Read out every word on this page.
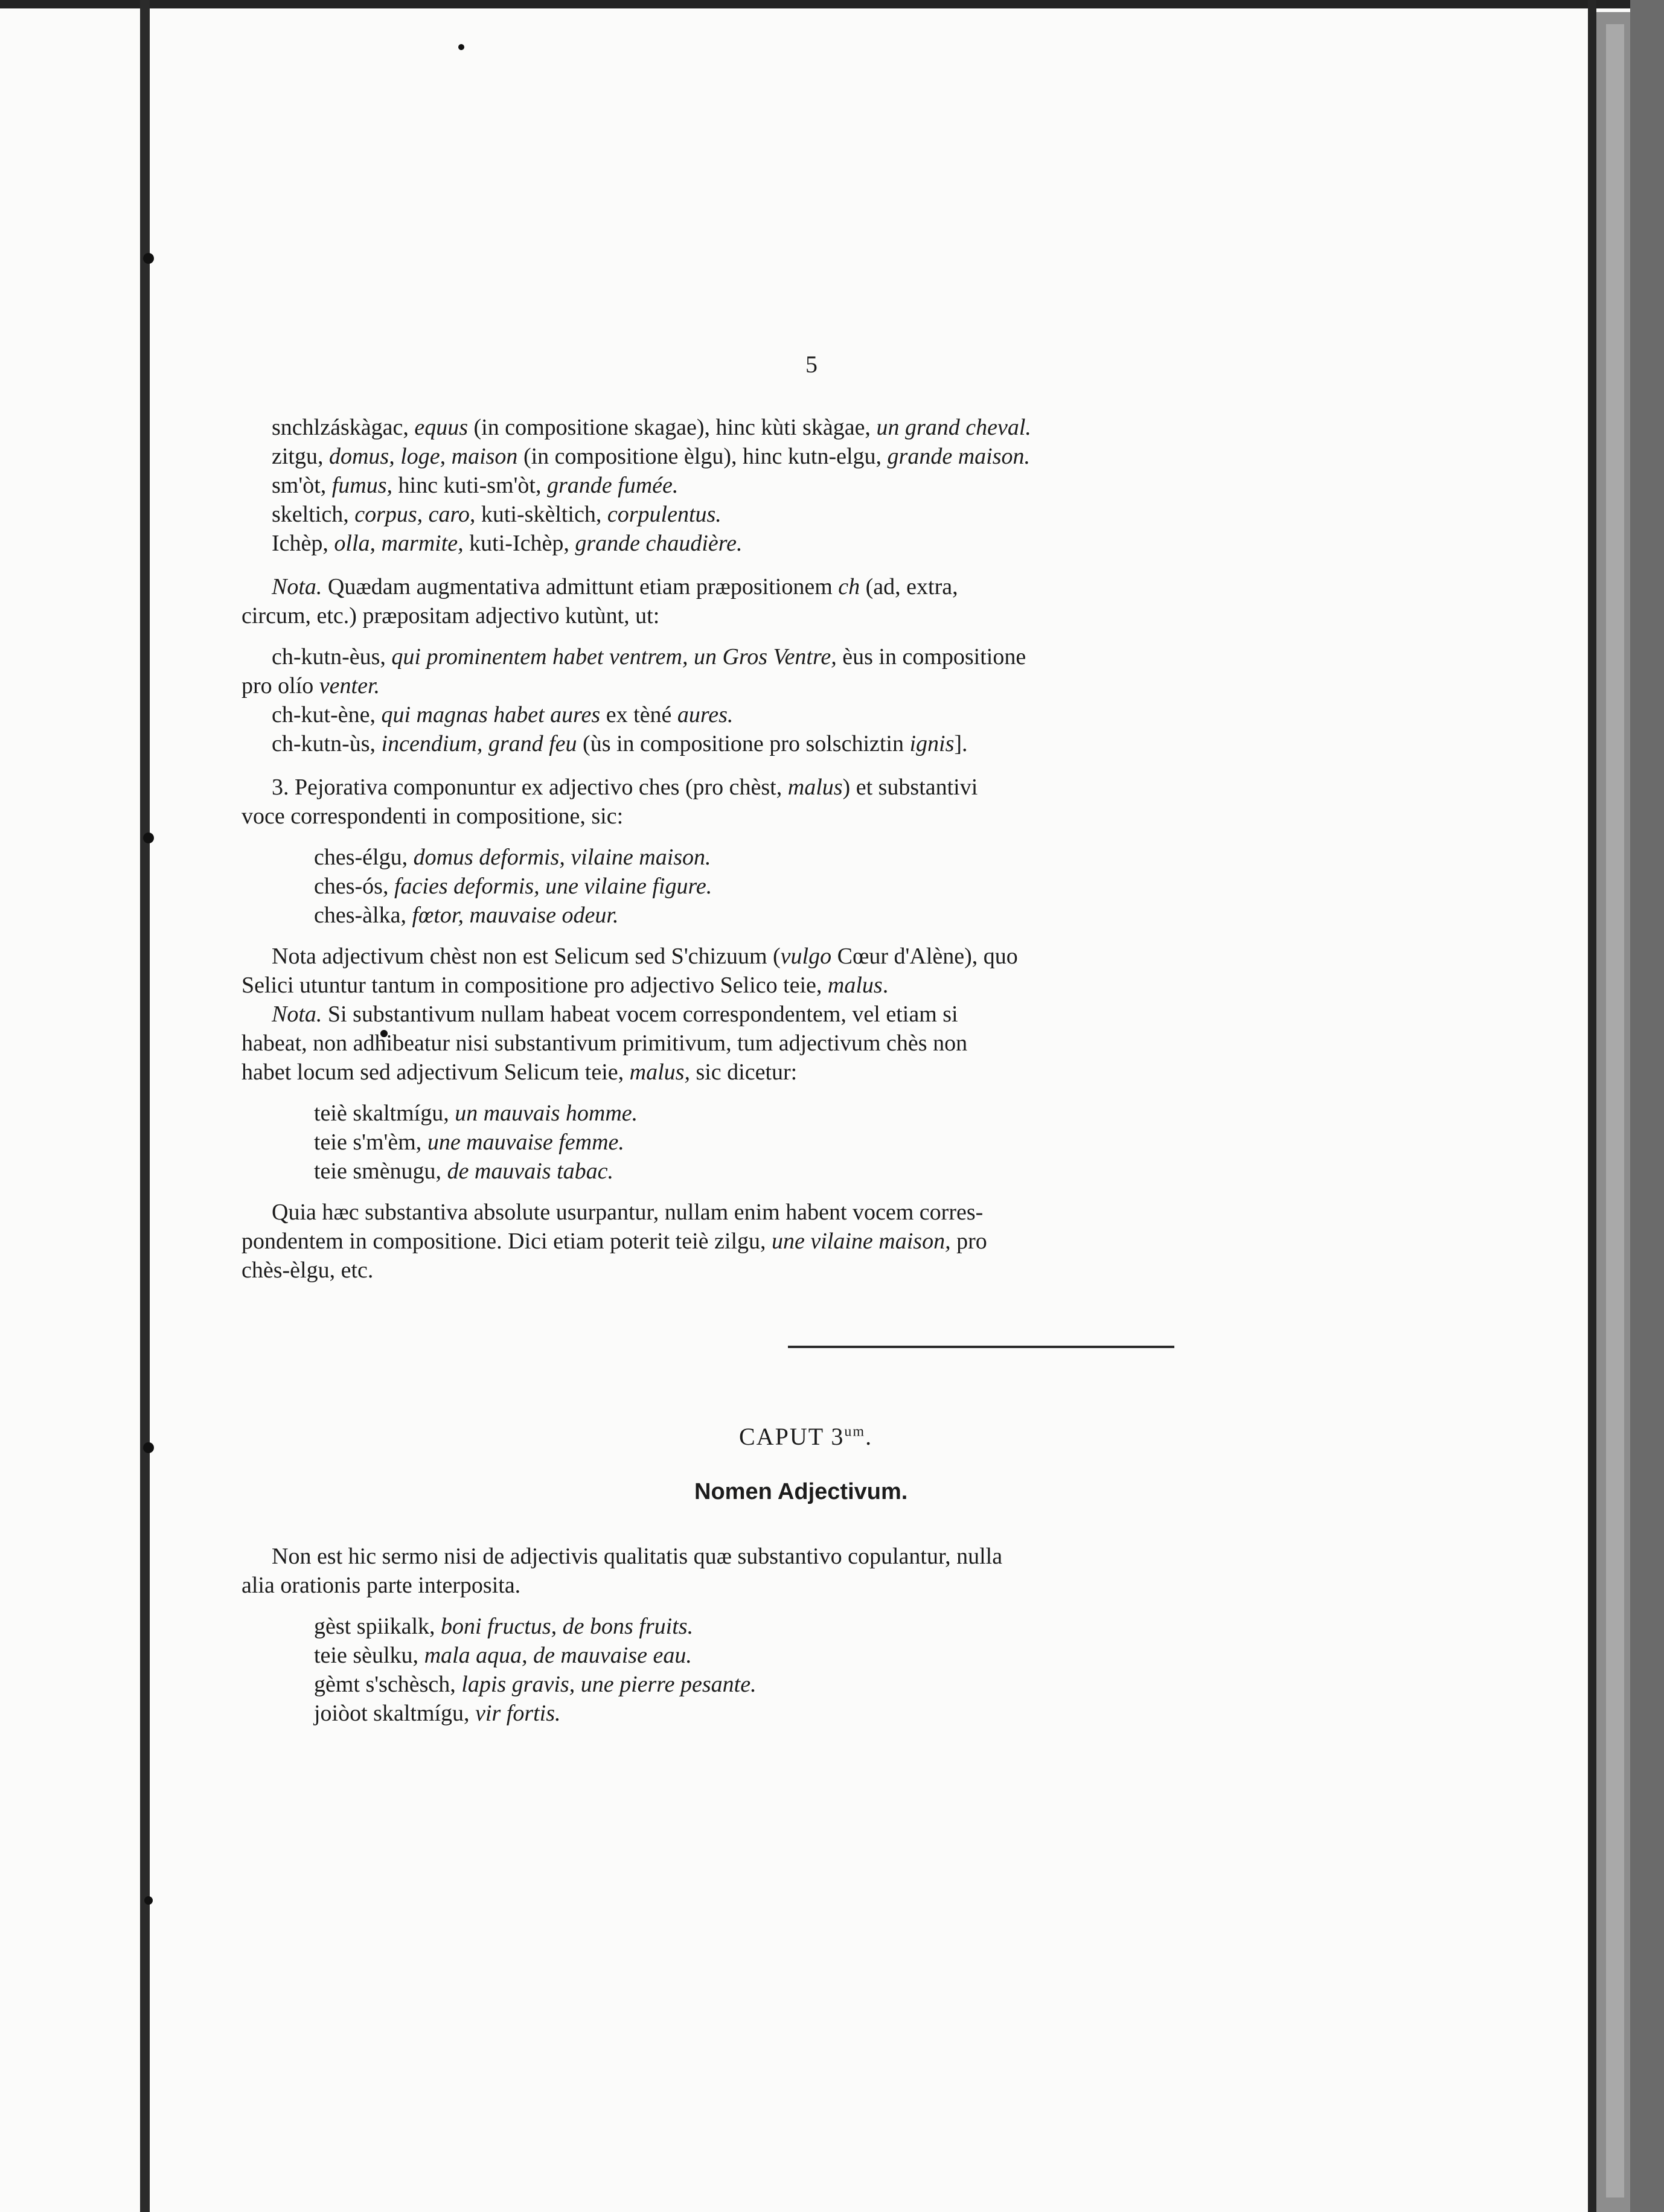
5
snchlzáskàgac, equus (in compositione skagae), hinc kùti skàgae, un grand cheval.
zitgu, domus, loge, maison (in compositione èlgu), hinc kutn-elgu, grande maison.
sm'òt, fumus, hinc kuti-sm'òt, grande fumée.
skeltich, corpus, caro, kuti-skèltich, corpulentus.
Ichèp, olla, marmite, kuti-Ichèp, grande chaudière.
Nota. Quædam augmentativa admittunt etiam præpositionem ch (ad, extra,
circum, etc.) præpositam adjectivo kutùnt, ut:
ch-kutn-èus, qui prominentem habet ventrem, un Gros Ventre, èus in compositione
pro olío venter.
ch-kut-ène, qui magnas habet aures ex tèné aures.
ch-kutn-ùs, incendium, grand feu (ùs in compositione pro solschiztin ignis].
3. Pejorativa componuntur ex adjectivo ches (pro chèst, malus) et substantivi
voce correspondenti in compositione, sic:
ches-élgu, domus deformis, vilaine maison.
ches-ós, facies deformis, une vilaine figure.
ches-àlka, fœtor, mauvaise odeur.
Nota adjectivum chèst non est Selicum sed S'chizuum (vulgo Cœur d'Alène), quo
Selici utuntur tantum in compositione pro adjectivo Selico teie, malus.
Nota. Si substantivum nullam habeat vocem correspondentem, vel etiam si
habeat, non adhibeatur nisi substantivum primitivum, tum adjectivum chès non
habet locum sed adjectivum Selicum teie, malus, sic dicetur:
teiè skaltmígu, un mauvais homme.
teie s'm'èm, une mauvaise femme.
teie smènugu, de mauvais tabac.
Quia hæc substantiva absolute usurpantur, nullam enim habent vocem corres-
pondentem in compositione. Dici etiam poterit teiè zilgu, une vilaine maison, pro
chès-èlgu, etc.
Non est hic sermo nisi de adjectivis qualitatis quæ substantivo copulantur, nulla
alia orationis parte interposita.
gèst spiikalk, boni fructus, de bons fruits.
teie sèulku, mala aqua, de mauvaise eau.
gèmt s'schèsch, lapis gravis, une pierre pesante.
joiòot skaltmígu, vir fortis.
CAPUT $3^{um}$.
Nomen Adjectivum.
